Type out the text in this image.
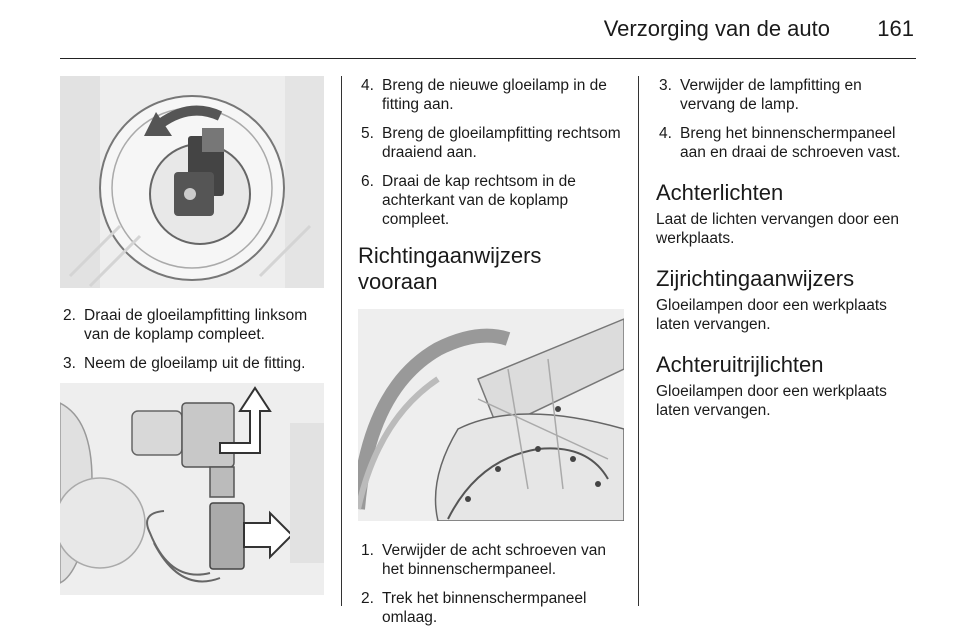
Verzorging van de auto 161
2. Draai de gloeilampfitting linksom van de koplamp compleet.
3. Neem de gloeilamp uit de fitting.
4. Breng de nieuwe gloeilamp in de fitting aan.
5. Breng de gloeilampfitting rechtsom draaiend aan.
6. Draai de kap rechtsom in de achterkant van de koplamp compleet.
Richtingaanwijzers vooraan
1. Verwijder de acht schroeven van het binnenschermpaneel.
2. Trek het binnenschermpaneel omlaag.
3. Verwijder de lampfitting en vervang de lamp.
4. Breng het binnenschermpaneel aan en draai de schroeven vast.
Achterlichten

Laat de lichten vervangen door een werkplaats.

Zijrichtingaanwijzers

Gloeilampen door een werkplaats laten vervangen.

Achteruitrijlichten

Gloeilampen door een werkplaats laten vervangen.
